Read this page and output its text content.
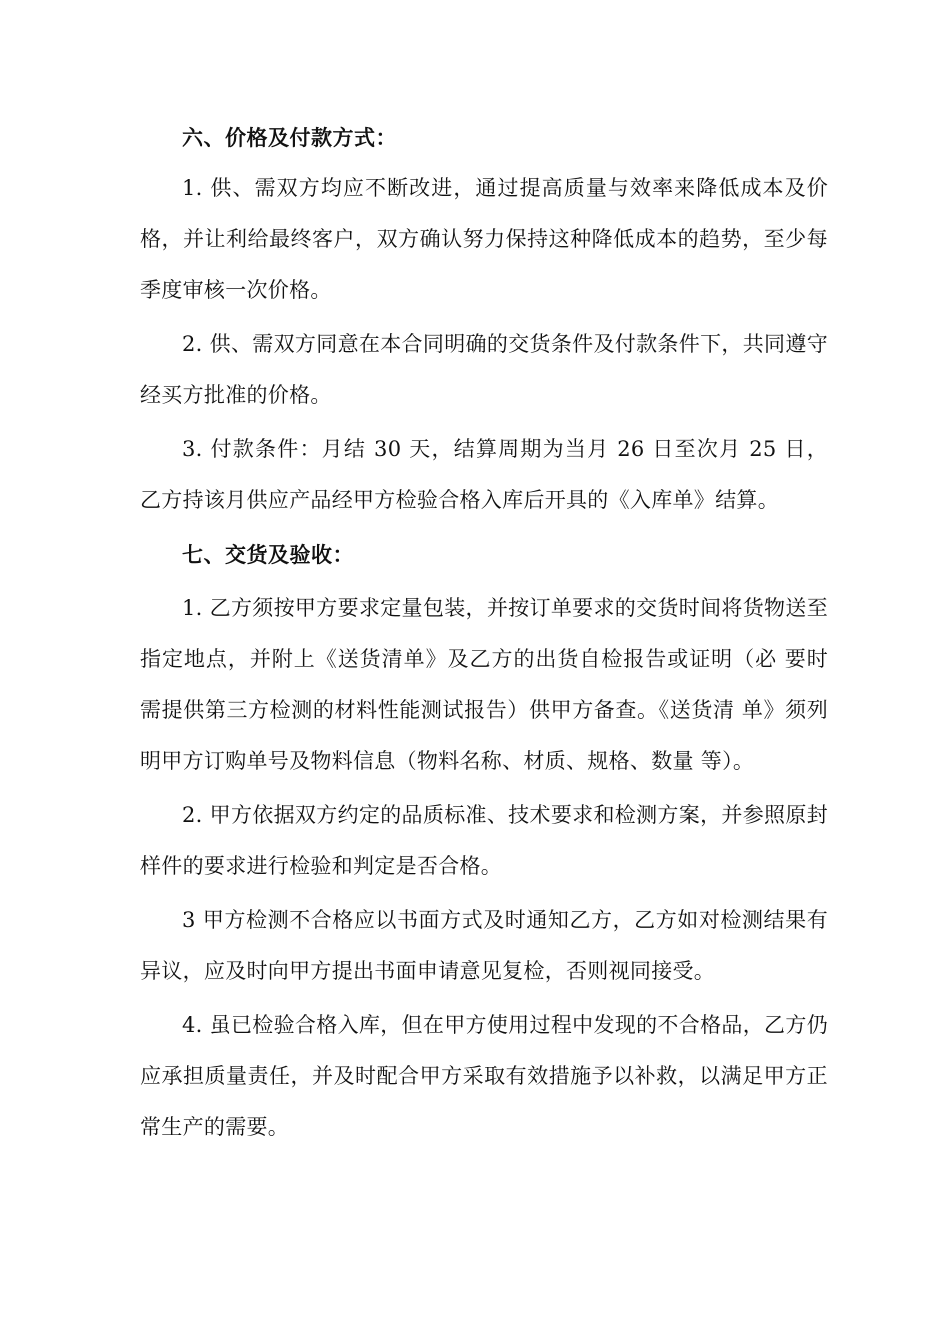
六、价格及付款方式：

1. 供、需双方均应不断改进，通过提高质量与效率来降低成本及价格，并让利给最终客户，双方确认努力保持这种降低成本的趋势，至少每季度审核一次价格。

2. 供、需双方同意在本合同明确的交货条件及付款条件下，共同遵守经买方批准的价格。

3. 付款条件：月结 30 天，结算周期为当月 26 日至次月 25 日， 乙方持该月供应产品经甲方检验合格入库后开具的《入库单》结算。

七、交货及验收：

1. 乙方须按甲方要求定量包装，并按订单要求的交货时间将货物送至指定地点，并附上《送货清单》及乙方的出货自检报告或证明（必 要时需提供第三方检测的材料性能测试报告）供甲方备查。《送货清 单》须列明甲方订购单号及物料信息（物料名称、材质、规格、数量 等）。

2. 甲方依据双方约定的品质标准、技术要求和检测方案，并参照原封样件的要求进行检验和判定是否合格。

3 甲方检测不合格应以书面方式及时通知乙方，乙方如对检测结果有异议，应及时向甲方提出书面申请意见复检，否则视同接受。

4. 虽已检验合格入库，但在甲方使用过程中发现的不合格品，乙方仍应承担质量责任，并及时配合甲方采取有效措施予以补救，以满足甲方正常生产的需要。
